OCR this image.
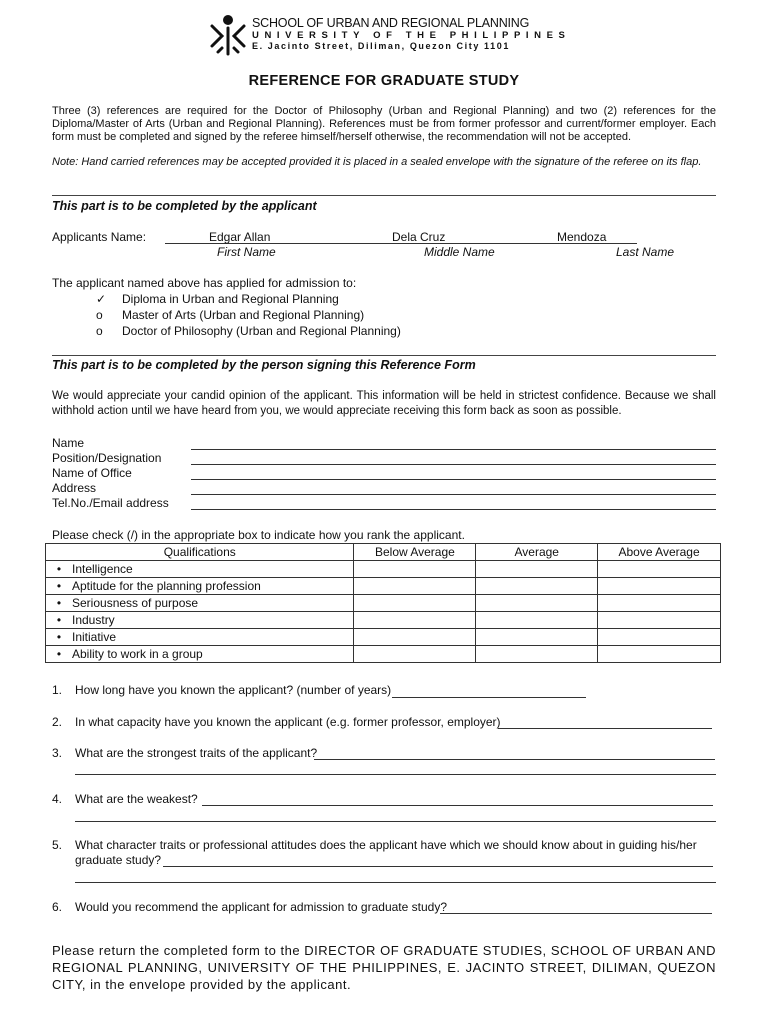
SCHOOL OF URBAN AND REGIONAL PLANNING
UNIVERSITY OF THE PHILIPPINES
E. Jacinto Street, Diliman, Quezon City 1101
REFERENCE FOR GRADUATE STUDY
Three (3) references are required for the Doctor of Philosophy (Urban and Regional Planning) and two (2) references for the Diploma/Master of Arts (Urban and Regional Planning). References must be from former professor and current/former employer. Each form must be completed and signed by the referee himself/herself otherwise, the recommendation will not be accepted.
Note: Hand carried references may be accepted provided it is placed in a sealed envelope with the signature of the referee on its flap.
This part is to be completed by the applicant
Applicants Name:	Edgar Allan	Dela Cruz	Mendoza
First Name	Middle Name	Last Name
The applicant named above has applied for admission to:
✓	Diploma in Urban and Regional Planning
o	Master of Arts (Urban and Regional Planning)
o	Doctor of Philosophy (Urban and Regional Planning)
This part is to be completed by the person signing this Reference Form
We would appreciate your candid opinion of the applicant. This information will be held in strictest confidence. Because we shall withhold action until we have heard from you, we would appreciate receiving this form back as soon as possible.
Name
Position/Designation
Name of Office
Address
Tel.No./Email address
Please check (/) in the appropriate box to indicate how you rank the applicant.
Qualifications	Below Average	Average	Above Average
• Intelligence			
• Aptitude for the planning profession			
• Seriousness of purpose			
• Industry			
• Initiative			
• Ability to work in a group			
1. How long have you known the applicant? (number of years)
2. In what capacity have you known the applicant (e.g. former professor, employer)
3. What are the strongest traits of the applicant?
4. What are the weakest?
5. What character traits or professional attitudes does the applicant have which we should know about in guiding his/her
graduate study?
6. Would you recommend the applicant for admission to graduate study?
Please return the completed form to the DIRECTOR OF GRADUATE STUDIES, SCHOOL OF URBAN AND REGIONAL PLANNING, UNIVERSITY OF THE PHILIPPINES, E. JACINTO STREET, DILIMAN, QUEZON CITY, in the envelope provided by the applicant.
